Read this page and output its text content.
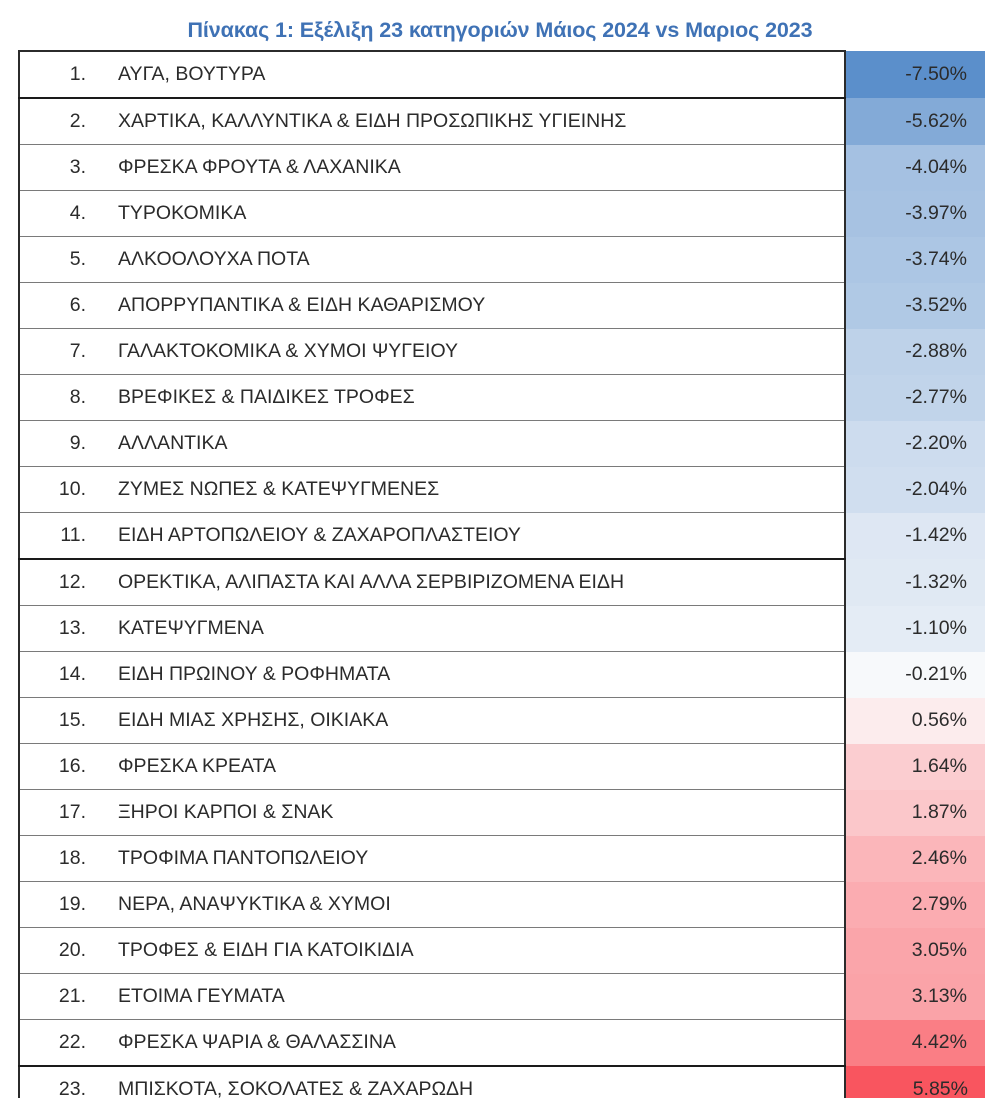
Πίνακας 1: Εξέλιξη 23 κατηγοριών Μάιος 2024 vs Μαριος 2023
1. ΑΥΓΑ, ΒΟΥΤΥΡΑ	-7.50%

2. ΧΑΡΤΙΚΑ, ΚΑΛΛΥΝΤΙΚΑ & ΕΙΔΗ ΠΡΟΣΩΠΙΚΗΣ ΥΓΙΕΙΝΗΣ	-5.62%

3. ΦΡΕΣΚΑ ΦΡΟΥΤΑ & ΛΑΧΑΝΙΚΑ	-4.04%

4. ΤΥΡΟΚΟΜΙΚΑ	-3.97%

5. ΑΛΚΟΟΛΟΥΧΑ ΠΟΤΑ	-3.74%

6. ΑΠΟΡΡΥΠΑΝΤΙΚΑ & ΕΙΔΗ ΚΑΘΑΡΙΣΜΟΥ	-3.52%

7. ΓΑΛΑΚΤΟΚΟΜΙΚΑ & ΧΥΜΟΙ ΨΥΓΕΙΟΥ	-2.88%

8. ΒΡΕΦΙΚΕΣ & ΠΑΙΔΙΚΕΣ ΤΡΟΦΕΣ	-2.77%

9. ΑΛΛΑΝΤΙΚΑ	-2.20%

10. ΖΥΜΕΣ ΝΩΠΕΣ & ΚΑΤΕΨΥΓΜΕΝΕΣ	-2.04%

11. ΕΙΔΗ ΑΡΤΟΠΩΛΕΙΟΥ & ΖΑΧΑΡΟΠΛΑΣΤΕΙΟΥ	-1.42%

12. ΟΡΕΚΤΙΚΑ, ΑΛΙΠΑΣΤΑ ΚΑΙ ΑΛΛΑ ΣΕΡΒΙΡΙΖΟΜΕΝΑ ΕΙΔΗ	-1.32%

13. ΚΑΤΕΨΥΓΜΕΝΑ	-1.10%

14. ΕΙΔΗ ΠΡΩΙΝΟΥ & ΡΟΦΗΜΑΤΑ	-0.21%

15. ΕΙΔΗ ΜΙΑΣ ΧΡΗΣΗΣ, ΟΙΚΙΑΚΑ	0.56%

16. ΦΡΕΣΚΑ ΚΡΕΑΤΑ	1.64%

17. ΞΗΡΟΙ ΚΑΡΠΟΙ & ΣΝΑΚ	1.87%

18. ΤΡΟΦΙΜΑ ΠΑΝΤΟΠΩΛΕΙΟΥ	2.46%

19. ΝΕΡΑ, ΑΝΑΨΥΚΤΙΚΑ & ΧΥΜΟΙ	2.79%

20. ΤΡΟΦΕΣ & ΕΙΔΗ ΓΙΑ ΚΑΤΟΙΚΙΔΙΑ	3.05%

21. ΕΤΟΙΜΑ ΓΕΥΜΑΤΑ	3.13%

22. ΦΡΕΣΚΑ ΨΑΡΙΑ & ΘΑΛΑΣΣΙΝΑ	4.42%

23. ΜΠΙΣΚΟΤΑ, ΣΟΚΟΛΑΤΕΣ & ΖΑΧΑΡΩΔΗ	5.85%
